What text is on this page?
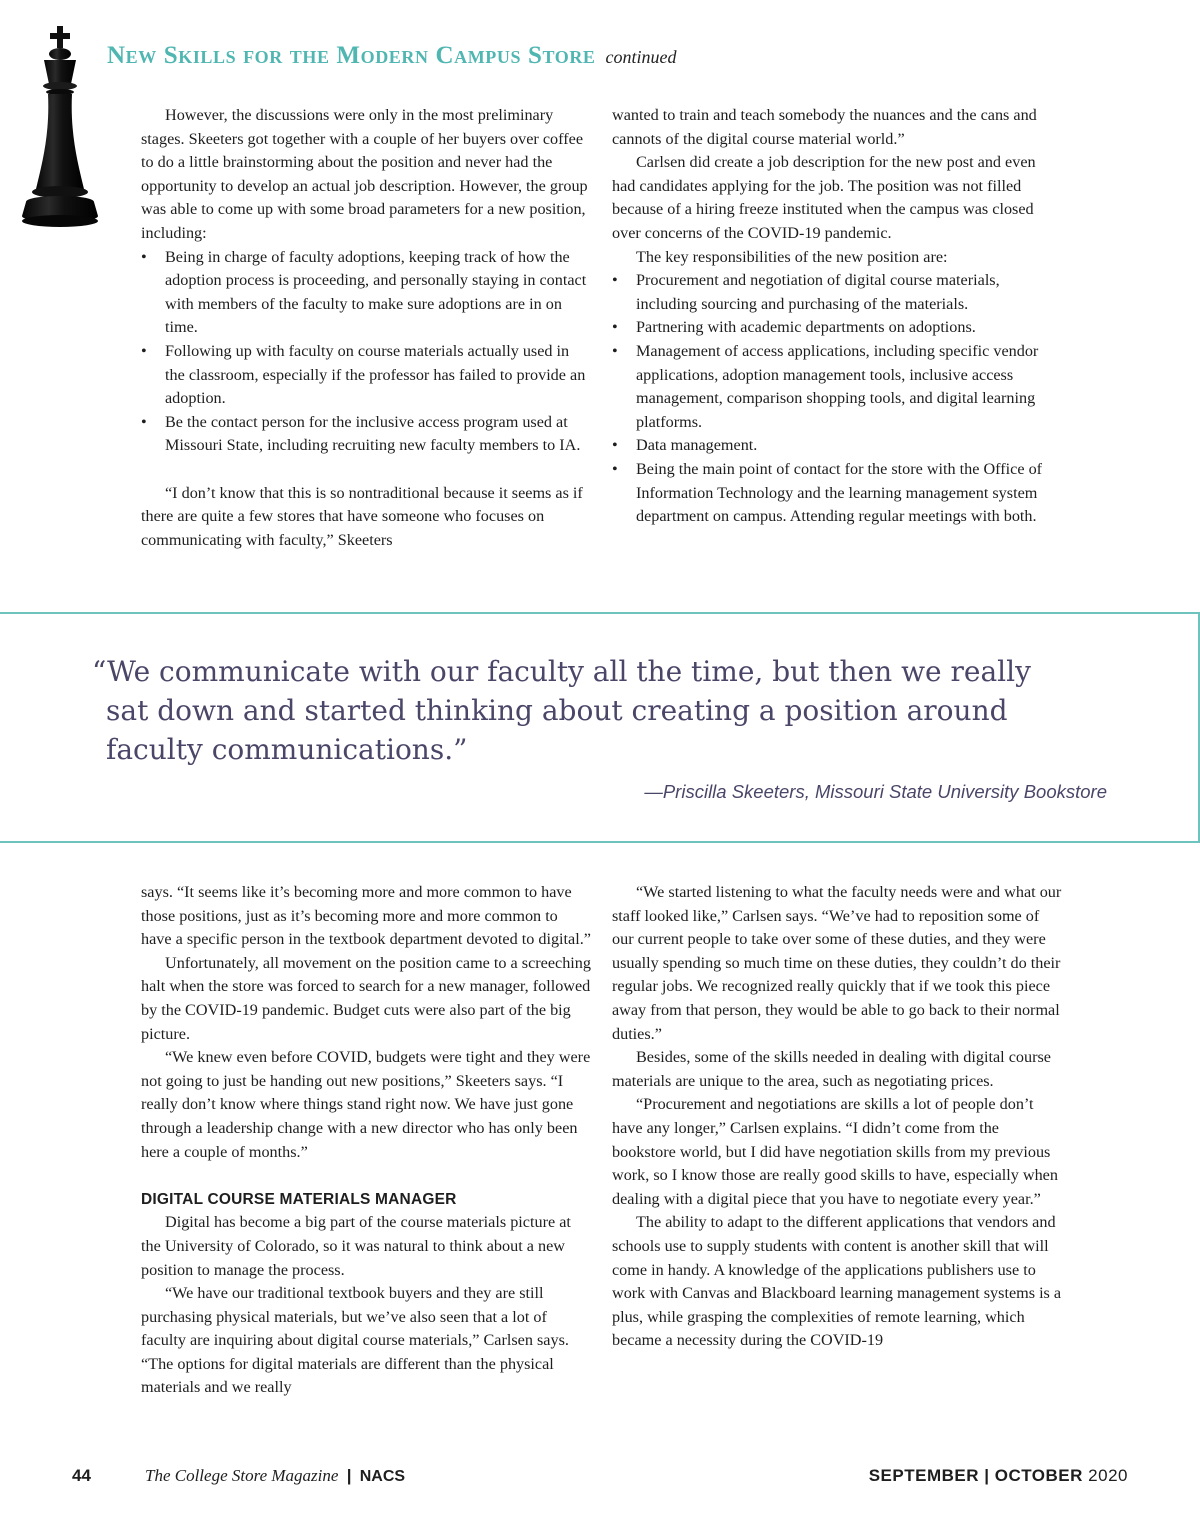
New Skills for the Modern Campus Store continued

However, the discussions were only in the most preliminary stages. Skeeters got together with a couple of her buyers over coffee to do a little brainstorming about the position and never had the opportunity to develop an actual job description. However, the group was able to come up with some broad parameters for a new position, including:

• Being in charge of faculty adoptions, keeping track of how the adoption process is proceeding, and personally staying in contact with members of the faculty to make sure adoptions are in on time.
• Following up with faculty on course materials actually used in the classroom, especially if the professor has failed to provide an adoption.
• Be the contact person for the inclusive access program used at Missouri State, including recruiting new faculty members to IA.

“I don’t know that this is so nontraditional because it seems as if there are quite a few stores that have someone who focuses on communicating with faculty,” Skeeters

wanted to train and teach somebody the nuances and the cans and cannots of the digital course material world.”

Carlsen did create a job description for the new post and even had candidates applying for the job. The position was not filled because of a hiring freeze instituted when the campus was closed over concerns of the COVID-19 pandemic.

The key responsibilities of the new position are:

• Procurement and negotiation of digital course materials, including sourcing and purchasing of the materials.
• Partnering with academic departments on adoptions.
• Management of access applications, including specific vendor applications, adoption management tools, inclusive access management, comparison shopping tools, and digital learning platforms.
• Data management.
• Being the main point of contact for the store with the Office of Information Technology and the learning management system department on campus. Attending regular meetings with both.
“We communicate with our faculty all the time, but then we really
sat down and started thinking about creating a position around
faculty communications.”
—Priscilla Skeeters, Missouri State University Bookstore

says. “It seems like it’s becoming more and more common to have those positions, just as it’s becoming more and more common to have a specific person in the textbook department devoted to digital.”

Unfortunately, all movement on the position came to a screeching halt when the store was forced to search for a new manager, followed by the COVID-19 pandemic. Budget cuts were also part of the big picture.

“We knew even before COVID, budgets were tight and they were not going to just be handing out new positions,” Skeeters says. “I really don’t know where things stand right now. We have just gone through a leadership change with a new director who has only been here a couple of months.”

DIGITAL COURSE MATERIALS MANAGER

Digital has become a big part of the course materials picture at the University of Colorado, so it was natural to think about a new position to manage the process.

“We have our traditional textbook buyers and they are still purchasing physical materials, but we’ve also seen that a lot of faculty are inquiring about digital course materials,” Carlsen says. “The options for digital materials are different than the physical materials and we really

“We started listening to what the faculty needs were and what our staff looked like,” Carlsen says. “We’ve had to reposition some of our current people to take over some of these duties, and they were usually spending so much time on these duties, they couldn’t do their regular jobs. We recognized really quickly that if we took this piece away from that person, they would be able to go back to their normal duties.”

Besides, some of the skills needed in dealing with digital course materials are unique to the area, such as negotiating prices.

“Procurement and negotiations are skills a lot of people don’t have any longer,” Carlsen explains. “I didn’t come from the bookstore world, but I did have negotiation skills from my previous work, so I know those are really good skills to have, especially when dealing with a digital piece that you have to negotiate every year.”

The ability to adapt to the different applications that vendors and schools use to supply students with content is another skill that will come in handy. A knowledge of the applications publishers use to work with Canvas and Blackboard learning management systems is a plus, while grasping the complexities of remote learning, which became a necessity during the COVID-19

44	The College Store Magazine | NACS	SEPTEMBER | OCTOBER 2020
